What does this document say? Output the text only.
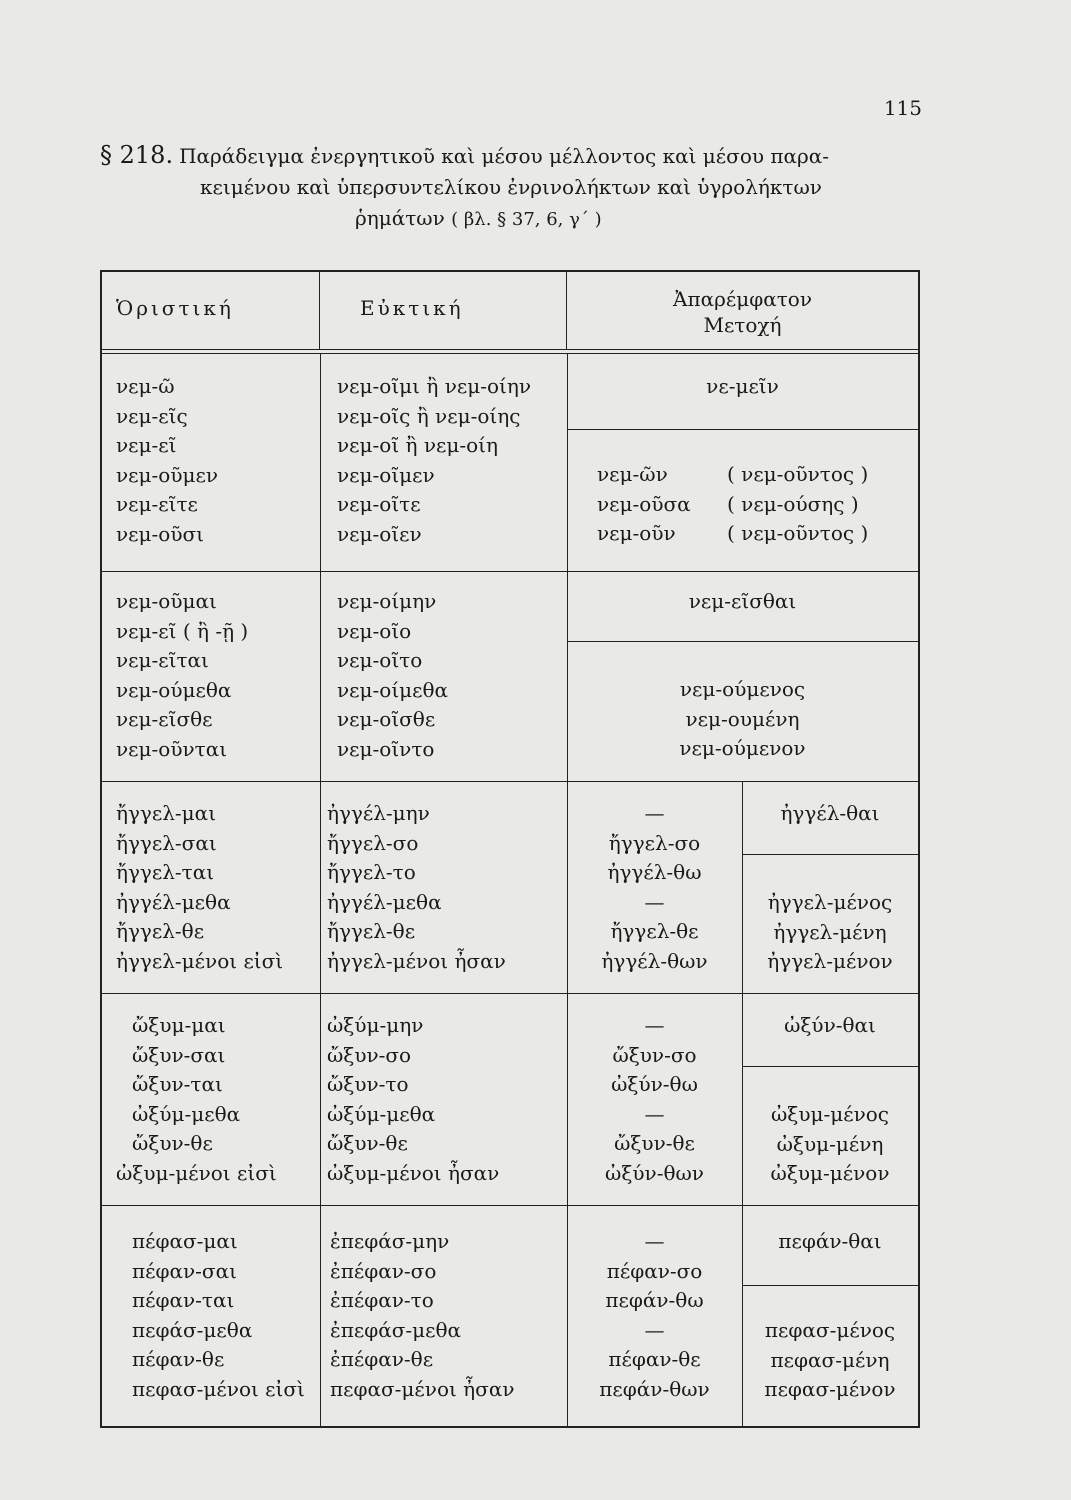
115
§ 218. Παράδειγμα ἐνεργητικοῦ καὶ μέσου μέλλοντος καὶ μέσου παρα-
κειμένου καὶ ὑπερσυντελίκου ἐνρινολήκτων καὶ ὑγρολήκτων
ῥημάτων ( βλ. § 37, 6, γ΄ )
Ὁριστική	Εὐκτική	Ἀπαρέμφατον
Μετοχή
νεμ-ῶ
νεμ-εῖς
νεμ-εῖ
νεμ-οῦμεν
νεμ-εῖτε
νεμ-οῦσι
νεμ-οῖμι ἢ νεμ-οίην
νεμ-οῖς ἢ νεμ-οίης
νεμ-οῖ ἢ νεμ-οίη
νεμ-οῖμεν
νεμ-οῖτε
νεμ-οῖεν
νε-μεῖν
νεμ-ῶν
νεμ-οῦσα
νεμ-οῦν
( νεμ-οῦντος )
( νεμ-ούσης )
( νεμ-οῦντος )
νεμ-οῦμαι
νεμ-εῖ ( ἢ -ῇ )
νεμ-εῖται
νεμ-ούμεθα
νεμ-εῖσθε
νεμ-οῦνται
νεμ-οίμην
νεμ-οῖο
νεμ-οῖτο
νεμ-οίμεθα
νεμ-οῖσθε
νεμ-οῖντο
νεμ-εῖσθαι
νεμ-ούμενος
νεμ-ουμένη
νεμ-ούμενον
ἤγγελ-μαι
ἤγγελ-σαι
ἤγγελ-ται
ἠγγέλ-μεθα
ἤγγελ-θε
ἠγγελ-μένοι εἰσὶ
ἠγγέλ-μην
ἤγγελ-σο
ἤγγελ-το
ἠγγέλ-μεθα
ἤγγελ-θε
ἠγγελ-μένοι ἦσαν
—
ἤγγελ-σο
ἠγγέλ-θω
—
ἤγγελ-θε
ἠγγέλ-θων
ἠγγέλ-θαι
ἠγγελ-μένος
ἠγγελ-μένη
ἠγγελ-μένον
ὤξυμ-μαι
ὤξυν-σαι
ὤξυν-ται
ὠξύμ-μεθα
ὤξυν-θε
ὠξυμ-μένοι εἰσὶ
ὠξύμ-μην
ὤξυν-σο
ὤξυν-το
ὠξύμ-μεθα
ὤξυν-θε
ὠξυμ-μένοι ἦσαν
—
ὤξυν-σο
ὠξύν-θω
—
ὤξυν-θε
ὠξύν-θων
ὠξύν-θαι
ὠξυμ-μένος
ὠξυμ-μένη
ὠξυμ-μένον
πέφασ-μαι
πέφαν-σαι
πέφαν-ται
πεφάσ-μεθα
πέφαν-θε
πεφασ-μένοι εἰσὶ
ἐπεφάσ-μην
ἐπέφαν-σο
ἐπέφαν-το
ἐπεφάσ-μεθα
ἐπέφαν-θε
πεφασ-μένοι ἦσαν
—
πέφαν-σο
πεφάν-θω
—
πέφαν-θε
πεφάν-θων
πεφάν-θαι
πεφασ-μένος
πεφασ-μένη
πεφασ-μένον
